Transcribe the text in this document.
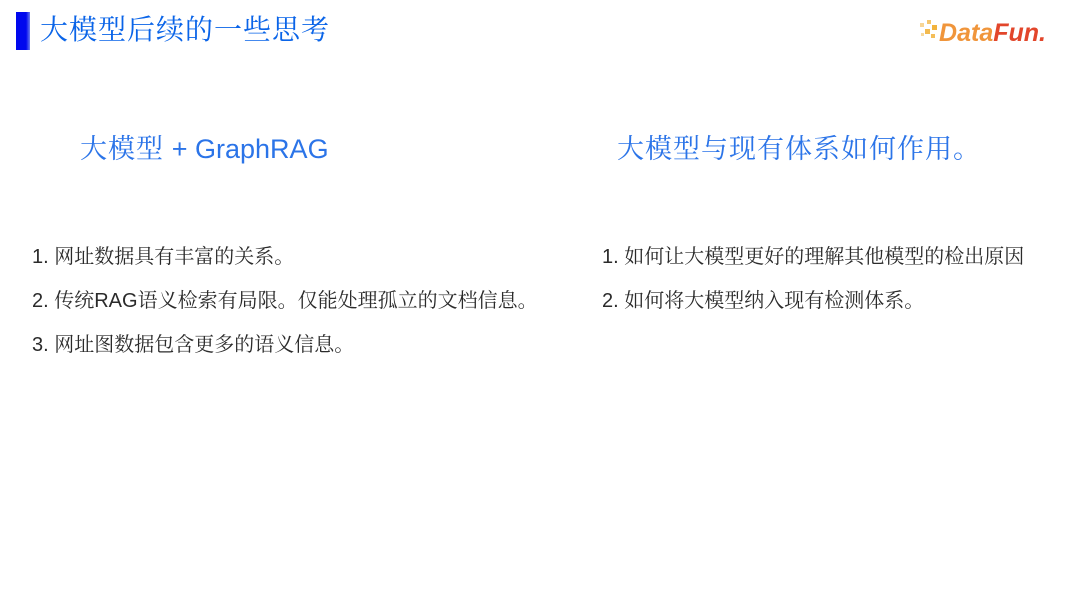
大模型后续的一些思考	DataFun.
大模型 + GraphRAG	大模型与现有体系如何作用。
1. 网址数据具有丰富的关系。
2. 传统RAG语义检索有局限。仅能处理孤立的文档信息。
3. 网址图数据包含更多的语义信息。
1. 如何让大模型更好的理解其他模型的检出原因
2. 如何将大模型纳入现有检测体系。
